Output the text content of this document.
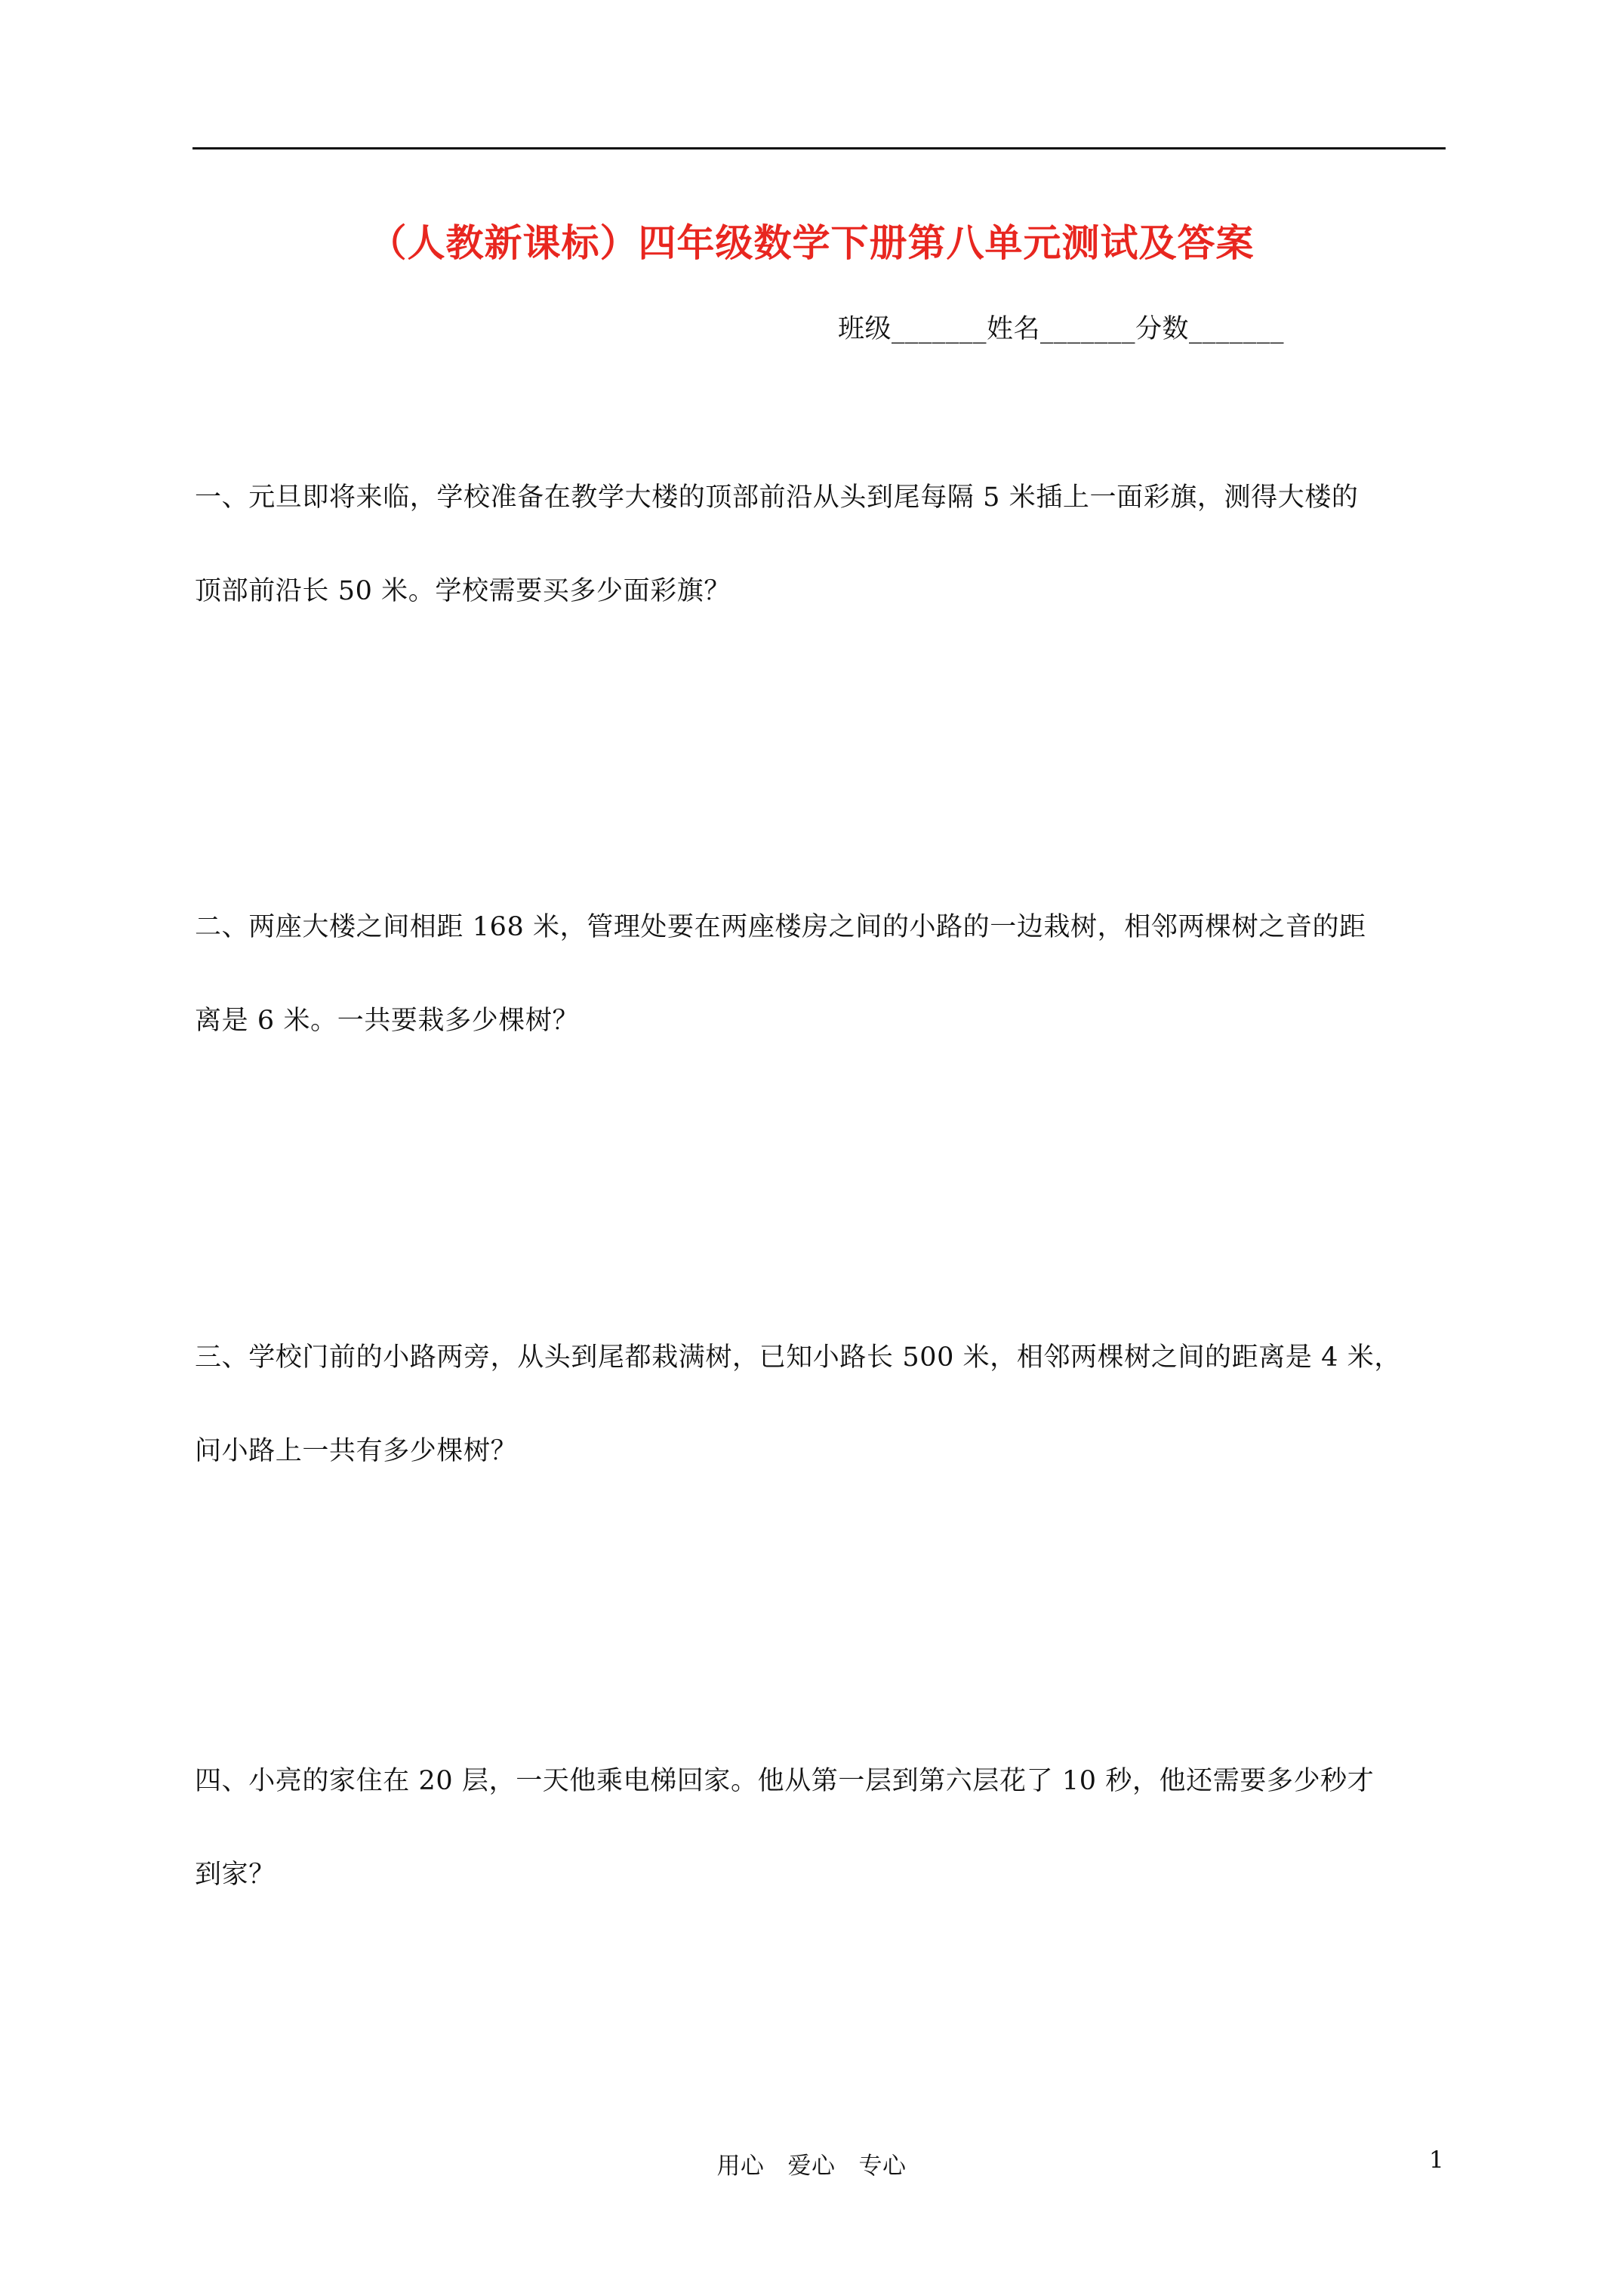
（人教新课标）四年级数学下册第八单元测试及答案
班级_______姓名_______分数_______
一、元旦即将来临，学校准备在教学大楼的顶部前沿从头到尾每隔 5 米插上一面彩旗，测得大楼的
顶部前沿长 50 米。学校需要买多少面彩旗？
二、两座大楼之间相距 168 米，管理处要在两座楼房之间的小路的一边栽树，相邻两棵树之音的距
离是 6 米。一共要栽多少棵树？
三、学校门前的小路两旁，从头到尾都栽满树，已知小路长 500 米，相邻两棵树之间的距离是 4 米，
问小路上一共有多少棵树？
四、小亮的家住在 20 层，一天他乘电梯回家。他从第一层到第六层花了 10 秒，他还需要多少秒才
到家？
用心   爱心   专心	1
